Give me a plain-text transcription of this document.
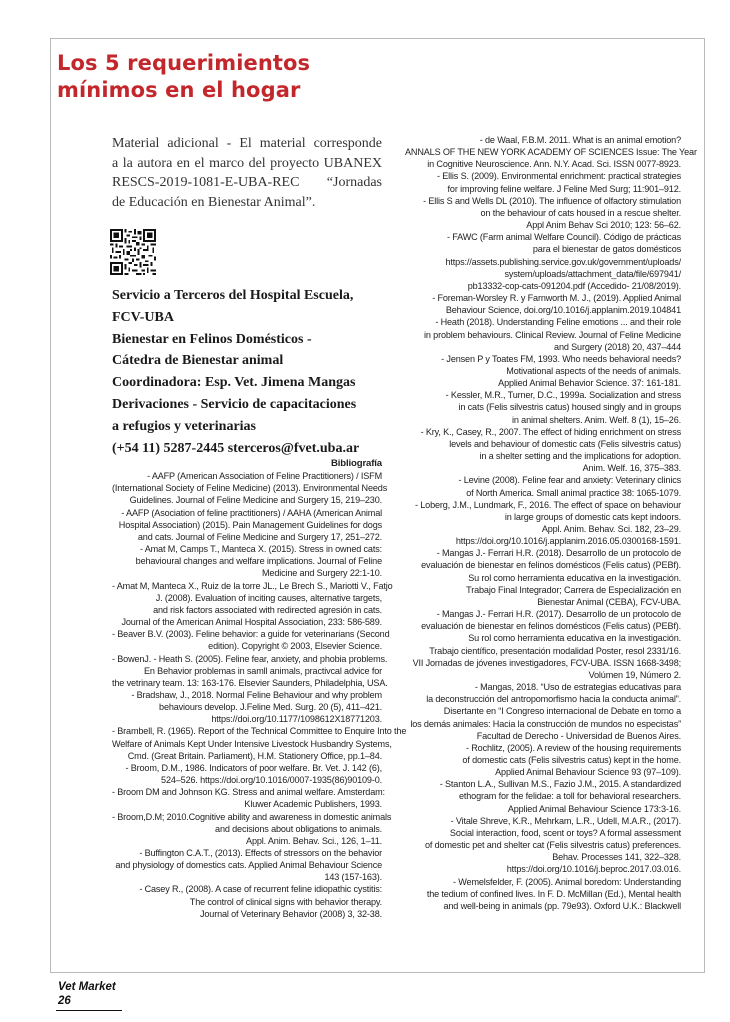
Los 5 requerimientos
mínimos en el hogar
Material adicional - El material corresponde
a la autora en el marco del proyecto UBANEX
RESCS-2019-1081-E-UBA-REC “Jornadas
de Educación en Bienestar Animal”.
Servicio a Terceros del Hospital Escuela,
FCV-UBA
Bienestar en Felinos Domésticos -
Cátedra de Bienestar animal
Coordinadora: Esp. Vet. Jimena Mangas
Derivaciones - Servicio de capacitaciones
a refugios y veterinarias
(+54 11) 5287-2445 sterceros@fvet.uba.ar
Bibliografía
- AAFP (American Association of Feline Practitioners) / ISFM
(International Society of Feline Medicine) (2013). Environmental Needs
Guidelines. Journal of Feline Medicine and Surgery 15, 219–230.
- AAFP (Asociation of feline practitioners) / AAHA (American Animal
Hospital Association) (2015). Pain Management Guidelines for dogs
and cats. Journal of Feline Medicine and Surgery 17, 251–272.
- Amat M, Camps T., Manteca X. (2015). Stress in owned cats:
behavioural changes and welfare implications. Journal of Feline
Medicine and Surgery 22:1-10.
- Amat M, Manteca X., Ruiz de la torre JL., Le Brech S., Mariotti V., Fatjo
J. (2008). Evaluation of inciting causes, alternative targets,
and risk factors associated with redirected agresión in cats.
Journal of the American Animal Hospital Association, 233: 586-589.
- Beaver B.V. (2003). Feline behavior: a guide for veterinarians (Second
edition). Copyright © 2003, Elsevier Science.
- BowenJ. - Heath S. (2005). Feline fear, anxiety, and phobia problems.
En Behavior problemas in samll animals, practivcal advice for
the vetrinary team. 13: 163-176. Elsevier Saunders, Philadelphia, USA.
- Bradshaw, J., 2018. Normal Feline Behaviour and why problem
behaviours develop. J.Feline Med. Surg. 20 (5), 411–421.
https://doi.org/10.1177/1098612X18771203.
- Brambell, R. (1965). Report of the Technical Committee to Enquire Into the
Welfare of Animals Kept Under Intensive Livestock Husbandry Systems,
Cmd. (Great Britain. Parliament), H.M. Stationery Office, pp.1–84.
- Broom, D.M., 1986. Indicators of poor welfare. Br. Vet. J. 142 (6),
524–526. https://doi.org/10.1016/0007-1935(86)90109-0.
- Broom DM and Johnson KG. Stress and animal welfare. Amsterdam:
Kluwer Academic Publishers, 1993.
- Broom,D.M; 2010.Cognitive ability and awareness in domestic animals
and decisions about obligations to animals.
Appl. Anim. Behav. Sci., 126, 1–11.
- Buffington C.A.T., (2013). Effects of stressors on the behavior
and physiology of domestics cats. Applied Animal Behaviour Science
143 (157-163).
- Casey R., (2008). A case of recurrent feline idiopathic cystitis:
The control of clinical signs with behavior therapy.
Journal of Veterinary Behavior (2008) 3, 32-38.
- de Waal, F.B.M. 2011. What is an animal emotion?
ANNALS OF THE NEW YORK ACADEMY OF SCIENCES Issue: The Year
in Cognitive Neuroscience. Ann. N.Y. Acad. Sci. ISSN 0077-8923.
- Ellis S. (2009). Environmental enrichment: practical strategies
for improving feline welfare. J Feline Med Surg; 11:901–912.
- Ellis S and Wells DL (2010). The influence of olfactory stimulation
on the behaviour of cats housed in a rescue shelter.
Appl Anim Behav Sci 2010; 123: 56–62.
- FAWC (Farm animal Welfare Council). Código de prácticas
para el bienestar de gatos domésticos
https://assets.publishing.service.gov.uk/government/uploads/
system/uploads/attachment_data/file/697941/
pb13332-cop-cats-091204.pdf (Accedido- 21/08/2019).
- Foreman-Worsley R. y Farnworth M. J., (2019). Applied Animal
Behaviour Science, doi.org/10.1016/j.applanim.2019.104841
- Heath (2018). Understanding Feline emotions ... and their role
in problem behaviours. Clinical Review. Journal of Feline Medicine
and Surgery (2018) 20, 437–444
- Jensen P y Toates FM, 1993. Who needs behavioral needs?
Motivational aspects of the needs of animals.
Applied Animal Behavior Science. 37: 161-181.
- Kessler, M.R., Turner, D.C., 1999a. Socialization and stress
in cats (Felis silvestris catus) housed singly and in groups
in animal shelters. Anim. Welf. 8 (1), 15–26.
- Kry, K., Casey, R., 2007. The effect of hiding enrichment on stress
levels and behaviour of domestic cats (Felis silvestris catus)
in a shelter setting and the implications for adoption.
Anim. Welf. 16, 375–383.
- Levine (2008). Feline fear and anxiety: Veterinary clinics
of North America. Small animal practice 38: 1065-1079.
- Loberg, J.M., Lundmark, F., 2016. The effect of space on behaviour
in large groups of domestic cats kept indoors.
Appl. Anim. Behav. Sci. 182, 23–29.
https://doi.org/10.1016/j.applanim.2016.05.0300168-1591.
- Mangas J.- Ferrari H.R. (2018). Desarrollo de un protocolo de
evaluación de bienestar en felinos domésticos (Felis catus) (PEBf).
Su rol como herramienta educativa en la investigación.
Trabajo Final Integrador; Carrera de Especialización en
Bienestar Animal (CEBA), FCV-UBA.
- Mangas J.- Ferrari H.R. (2017). Desarrollo de un protocolo de
evaluación de bienestar en felinos domésticos (Felis catus) (PEBf).
Su rol como herramienta educativa en la investigación.
Trabajo científico, presentación modalidad Poster, resol 2331/16.
VII Jornadas de jóvenes investigadores, FCV-UBA. ISSN 1668-3498;
Volúmen 19, Número 2.
- Mangas, 2018. “Uso de estrategias educativas para
la deconstrucción del antropomorfismo hacia la conducta animal”.
Disertante en “I Congreso internacional de Debate en torno a
los demás animales: Hacia la construcción de mundos no especistas”
Facultad de Derecho - Universidad de Buenos Aires.
- Rochlitz, (2005). A review of the housing requirements
of domestic cats (Felis silvestris catus) kept in the home.
Applied Animal Behaviour Science 93 (97–109).
- Stanton L.A., Sullivan M.S., Fazio J.M., 2015. A standardized
ethogram for the felidae: a toll for behavioral researchers.
Applied Animal Behaviour Science 173:3-16.
- Vitale Shreve, K.R., Mehrkam, L.R., Udell, M.A.R., (2017).
Social interaction, food, scent or toys? A formal assessment
of domestic pet and shelter cat (Felis silvestris catus) preferences.
Behav. Processes 141, 322–328.
https://doi.org/10.1016/j.beproc.2017.03.016.
- Wemelsfelder, F. (2005). Animal boredom: Understanding
the tedium of confined lives. In F. D. McMillan (Ed.), Mental health
and well-being in animals (pp. 79e93). Oxford U.K.: Blackwell
Vet Market
26
